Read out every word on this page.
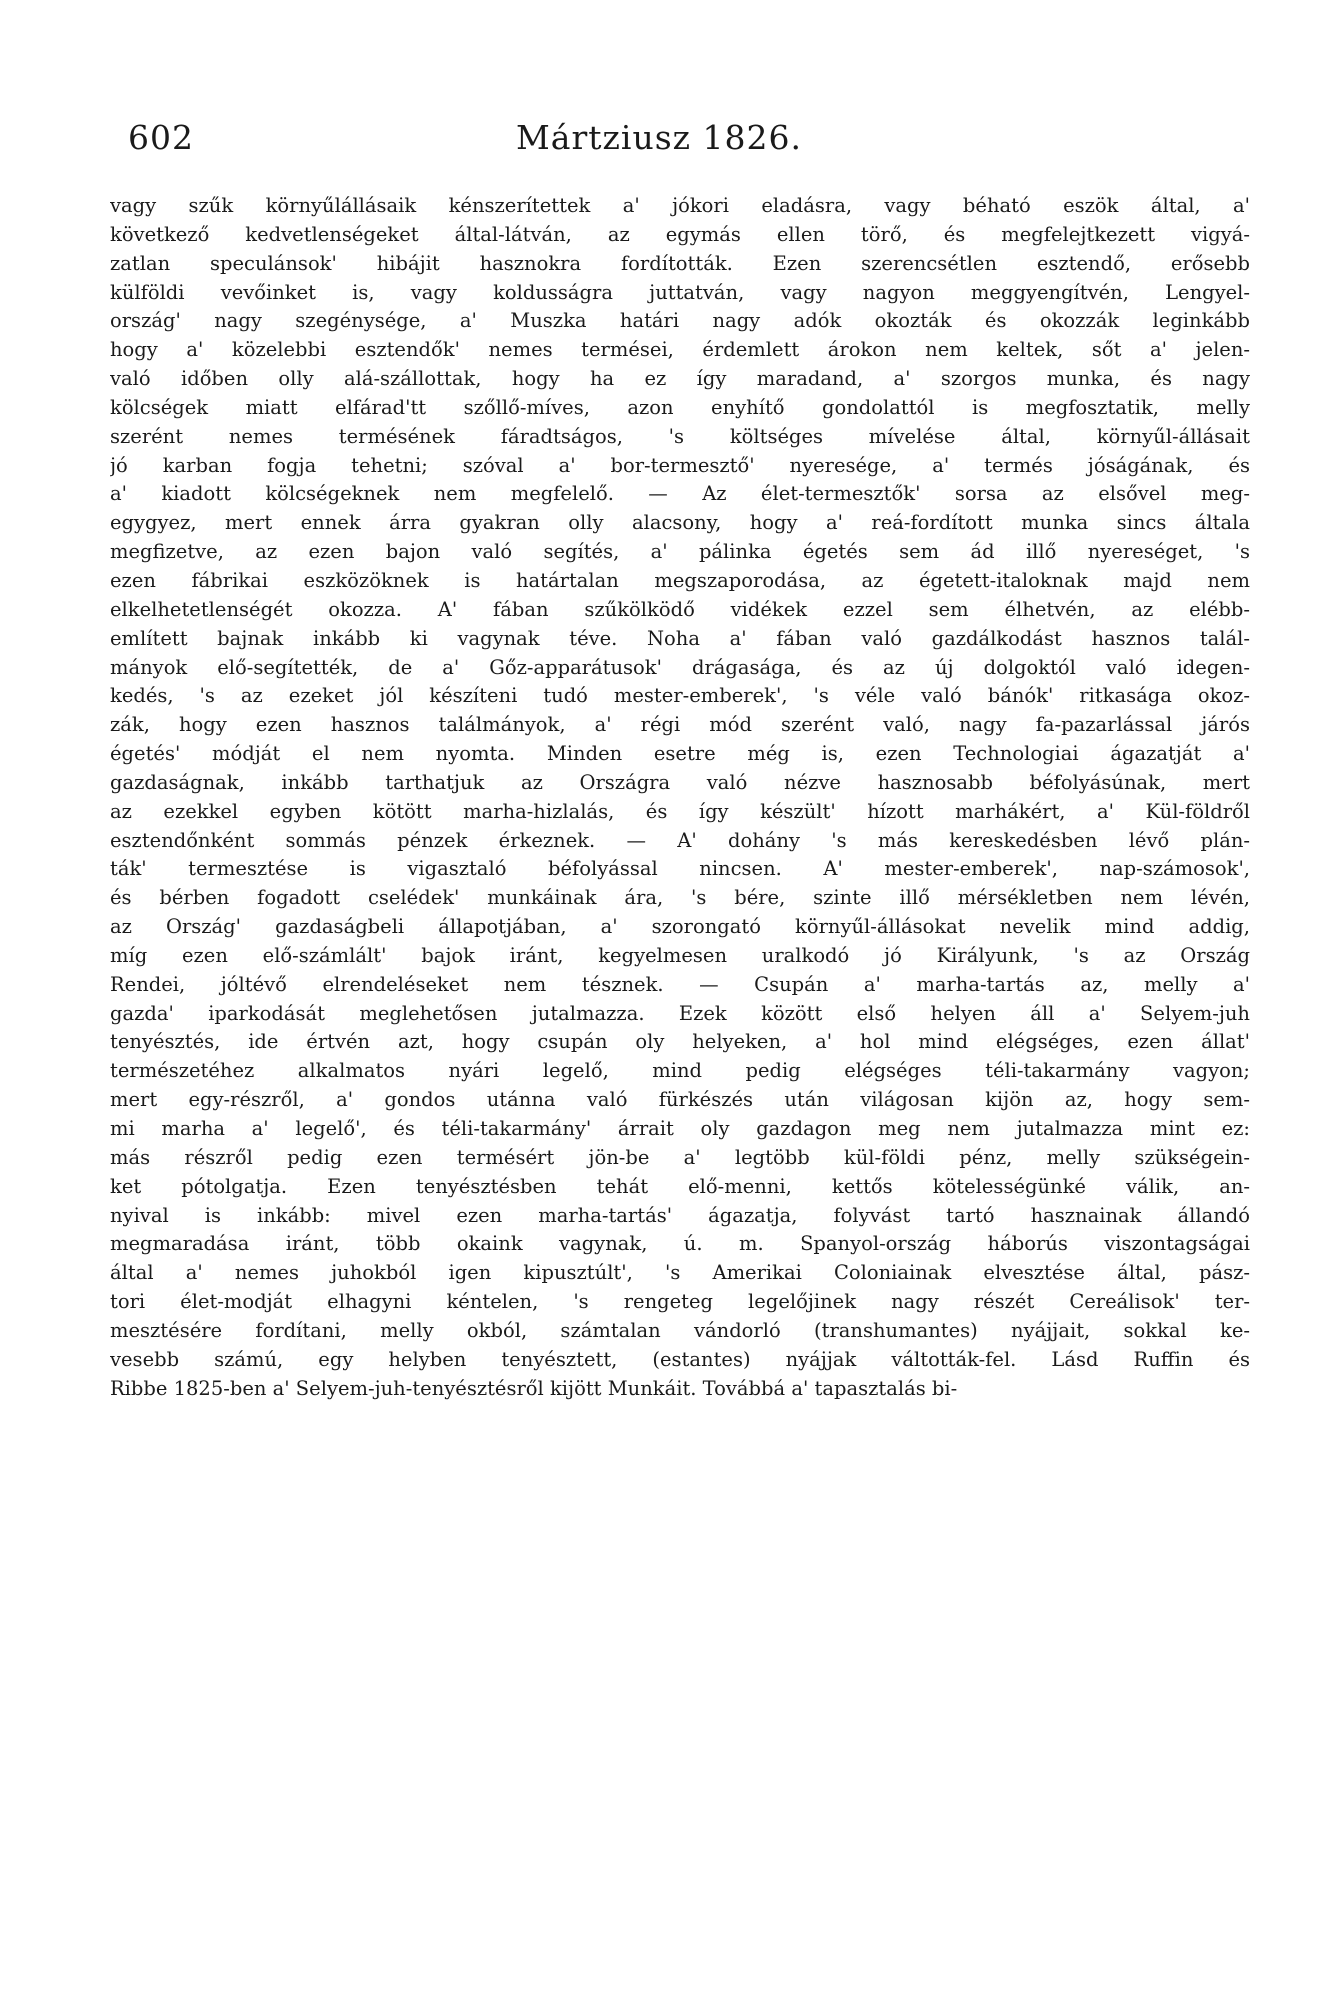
602	Mártziusz 1826.
vagy szűk környűlállásaik kénszerítettek a' jókori eladásra, vagy béható eszök által, a'
következő kedvetlenségeket által-látván, az egymás ellen törő, és megfelejtkezett vigyá-
zatlan speculánsok' hibájit hasznokra fordították. Ezen szerencsétlen esztendő, erősebb
külföldi vevőinket is, vagy koldusságra juttatván, vagy nagyon meggyengítvén, Lengyel-
ország' nagy szegénysége, a' Muszka határi nagy adók okozták és okozzák leginkább
hogy a' közelebbi esztendők' nemes termései, érdemlett árokon nem keltek, sőt a' jelen-
való időben olly alá-szállottak, hogy ha ez így maradand, a' szorgos munka, és nagy
kölcségek miatt elfárad'tt szőllő-míves, azon enyhítő gondolattól is megfosztatik, melly
szerént nemes termésének fáradtságos, 's költséges mívelése által, környűl-állásait
jó karban fogja tehetni; szóval a' bor-termesztő' nyeresége, a' termés jóságának, és
a' kiadott kölcségeknek nem megfelelő. — Az élet-termesztők' sorsa az elsővel meg-
egygyez, mert ennek árra gyakran olly alacsony, hogy a' reá-fordított munka sincs általa
megfizetve, az ezen bajon való segítés, a' pálinka égetés sem ád illő nyereséget, 's
ezen fábrikai eszközöknek is határtalan megszaporodása, az égetett-italoknak majd nem
elkelhetetlenségét okozza. A' fában szűkölködő vidékek ezzel sem élhetvén, az elébb-
említett bajnak inkább ki vagynak téve. Noha a' fában való gazdálkodást hasznos talál-
mányok elő-segítették, de a' Gőz-apparátusok' drágasága, és az új dolgoktól való idegen-
kedés, 's az ezeket jól készíteni tudó mester-emberek', 's véle való bánók' ritkasága okoz-
zák, hogy ezen hasznos találmányok, a' régi mód szerént való, nagy fa-pazarlással járós
égetés' módját el nem nyomta. Minden esetre még is, ezen Technologiai ágazatját a'
gazdaságnak, inkább tarthatjuk az Országra való nézve hasznosabb béfolyásúnak, mert
az ezekkel egyben kötött marha-hizlalás, és így készült' hízott marhákért, a' Kül-földről
esztendőnként sommás pénzek érkeznek. — A' dohány 's más kereskedésben lévő plán-
ták' termesztése is vigasztaló béfolyással nincsen. A' mester-emberek', nap-számosok',
és bérben fogadott cselédek' munkáinak ára, 's bére, szinte illő mérsékletben nem lévén,
az Ország' gazdaságbeli állapotjában, a' szorongató környűl-állásokat nevelik mind addig,
míg ezen elő-számlált' bajok iránt, kegyelmesen uralkodó jó Királyunk, 's az Ország
Rendei, jóltévő elrendeléseket nem tésznek. — Csupán a' marha-tartás az, melly a'
gazda' iparkodását meglehetősen jutalmazza. Ezek között első helyen áll a' Selyem-juh
tenyésztés, ide értvén azt, hogy csupán oly helyeken, a' hol mind elégséges, ezen állat'
természetéhez alkalmatos nyári legelő, mind pedig elégséges téli-takarmány vagyon;
mert egy-részről, a' gondos utánna való fürkészés után világosan kijön az, hogy sem-
mi marha a' legelő', és téli-takarmány' árrait oly gazdagon meg nem jutalmazza mint ez:
más részről pedig ezen termésért jön-be a' legtöbb kül-földi pénz, melly szükségein-
ket pótolgatja. Ezen tenyésztésben tehát elő-menni, kettős kötelességünké válik, an-
nyival is inkább: mivel ezen marha-tartás' ágazatja, folyvást tartó hasznainak állandó
megmaradása iránt, több okaink vagynak, ú. m. Spanyol-ország háborús viszontagságai
által a' nemes juhokból igen kipusztúlt', 's Amerikai Coloniainak elvesztése által, pász-
tori élet-modját elhagyni kéntelen, 's rengeteg legelőjinek nagy részét Cereálisok' ter-
mesztésére fordítani, melly okból, számtalan vándorló (transhumantes) nyájjait, sokkal ke-
vesebb számú, egy helyben tenyésztett, (estantes) nyájjak váltották-fel. Lásd Ruffin és
Ribbe 1825-ben a' Selyem-juh-tenyésztésről kijött Munkáit. Továbbá a' tapasztalás bi-
